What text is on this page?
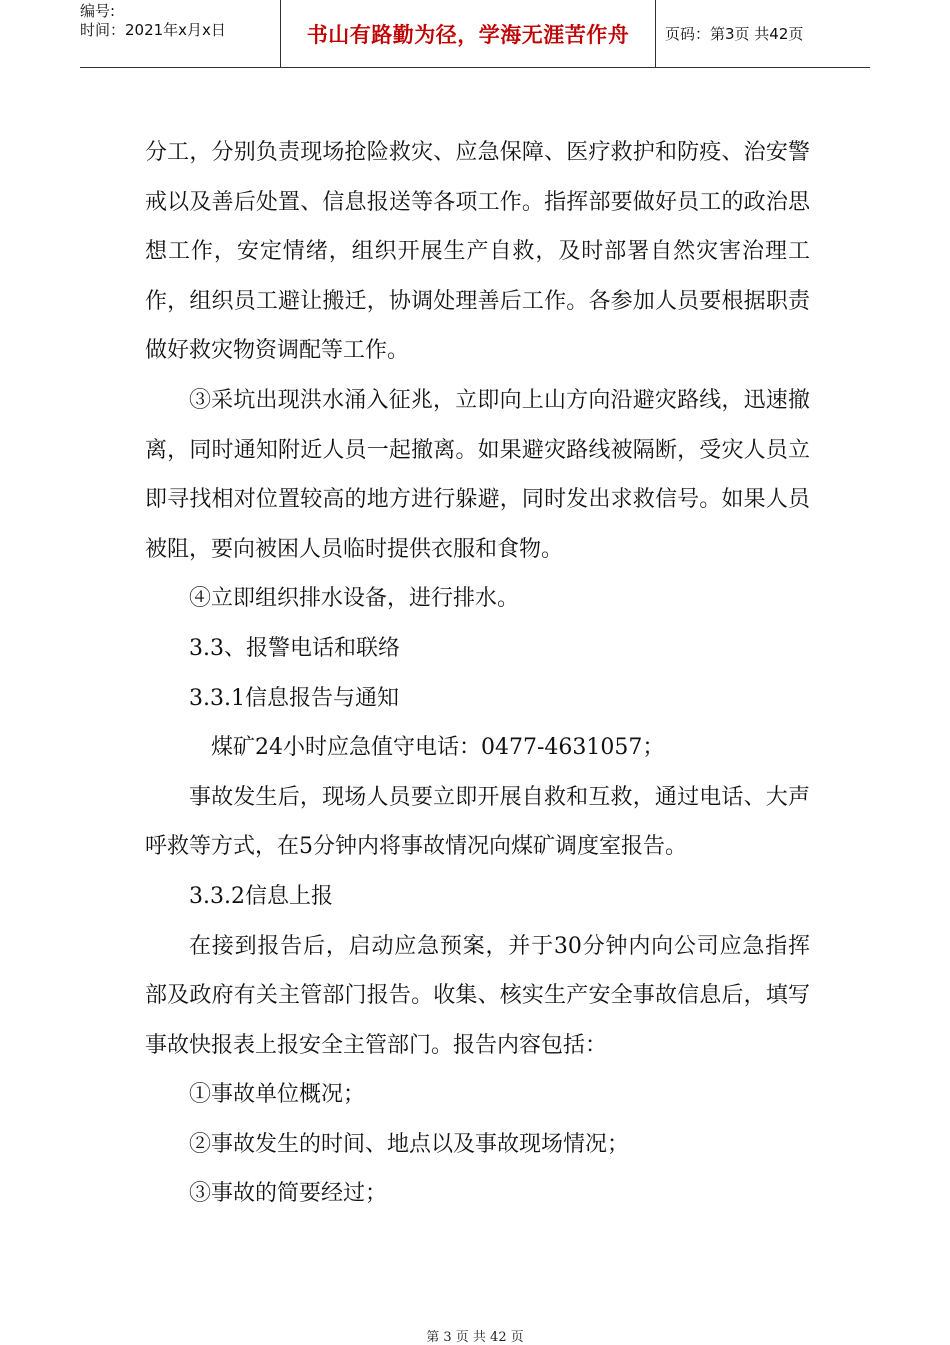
编号:
时间：2021年x月x日	书山有路勤为径，学海无涯苦作舟	页码：第3页 共42页

分工，分别负责现场抢险救灾、应急保障、医疗救护和防疫、治安警戒以及善后处置、信息报送等各项工作。指挥部要做好员工的政治思想工作，安定情绪，组织开展生产自救，及时部署自然灾害治理工作，组织员工避让搬迁，协调处理善后工作。各参加人员要根据职责做好救灾物资调配等工作。

③采坑出现洪水涌入征兆，立即向上山方向沿避灾路线，迅速撤离，同时通知附近人员一起撤离。如果避灾路线被隔断，受灾人员立即寻找相对位置较高的地方进行躲避，同时发出求救信号。如果人员被阻，要向被困人员临时提供衣服和食物。

④立即组织排水设备，进行排水。

3.3、报警电话和联络

3.3.1信息报告与通知

煤矿24小时应急值守电话：0477-4631057；

事故发生后，现场人员要立即开展自救和互救，通过电话、大声呼救等方式，在5分钟内将事故情况向煤矿调度室报告。

3.3.2信息上报

在接到报告后，启动应急预案，并于30分钟内向公司应急指挥部及政府有关主管部门报告。收集、核实生产安全事故信息后，填写事故快报表上报安全主管部门。报告内容包括：

①事故单位概况；

②事故发生的时间、地点以及事故现场情况；

③事故的简要经过；

第 3 页 共 42 页
